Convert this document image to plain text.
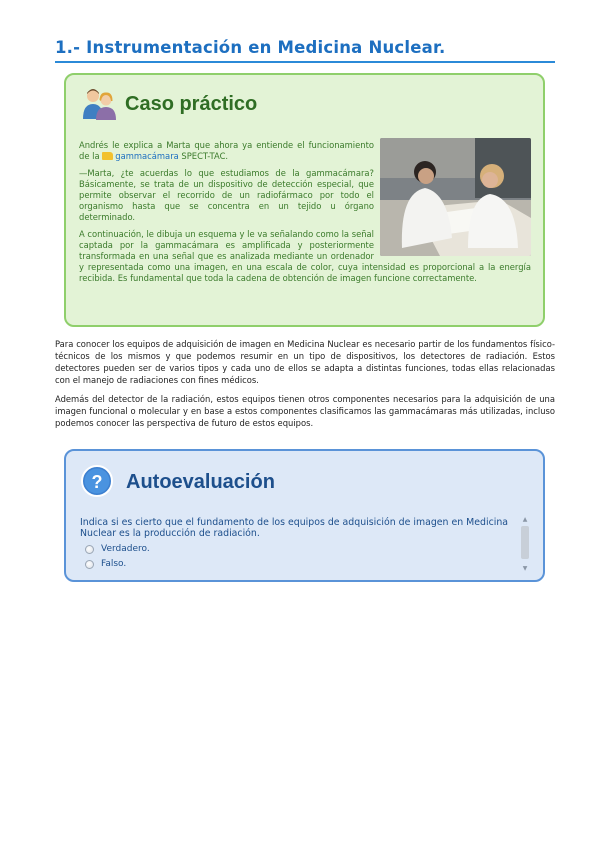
1.- Instrumentación en Medicina Nuclear.
Caso práctico

Andrés le explica a Marta que ahora ya entiende el funcionamiento de la gammacámara SPECT-TAC.

—Marta, ¿te acuerdas lo que estudiamos de la gammacámara? Básicamente, se trata de un dispositivo de detección especial, que permite observar el recorrido de un radiofármaco por todo el organismo hasta que se concentra en un tejido u órgano determinado.

A continuación, le dibuja un esquema y le va señalando como la señal captada por la gammacámara es amplificada y posteriormente transformada en una señal que es analizada mediante un ordenador y representada como una imagen, en una escala de color, cuya intensidad es proporcional a la energía recibida. Es fundamental que toda la cadena de obtención de imagen funcione correctamente.

Para conocer los equipos de adquisición de imagen en Medicina Nuclear es necesario partir de los fundamentos físico-técnicos de los mismos y que podemos resumir en un tipo de dispositivos, los detectores de radiación. Estos detectores pueden ser de varios tipos y cada uno de ellos se adapta a distintas funciones, todas ellas relacionadas con el manejo de radiaciones con fines médicos.

Además del detector de la radiación, estos equipos tienen otros componentes necesarios para la adquisición de una imagen funcional o molecular y en base a estos componentes clasificamos las gammacámaras más utilizadas, incluso podemos conocer las perspectiva de futuro de estos equipos.

? Autoevaluación
Indica si es cierto que el fundamento de los equipos de adquisición de imagen en Medicina Nuclear es la producción de radiación.
Verdadero.
Falso.
▲
▼
